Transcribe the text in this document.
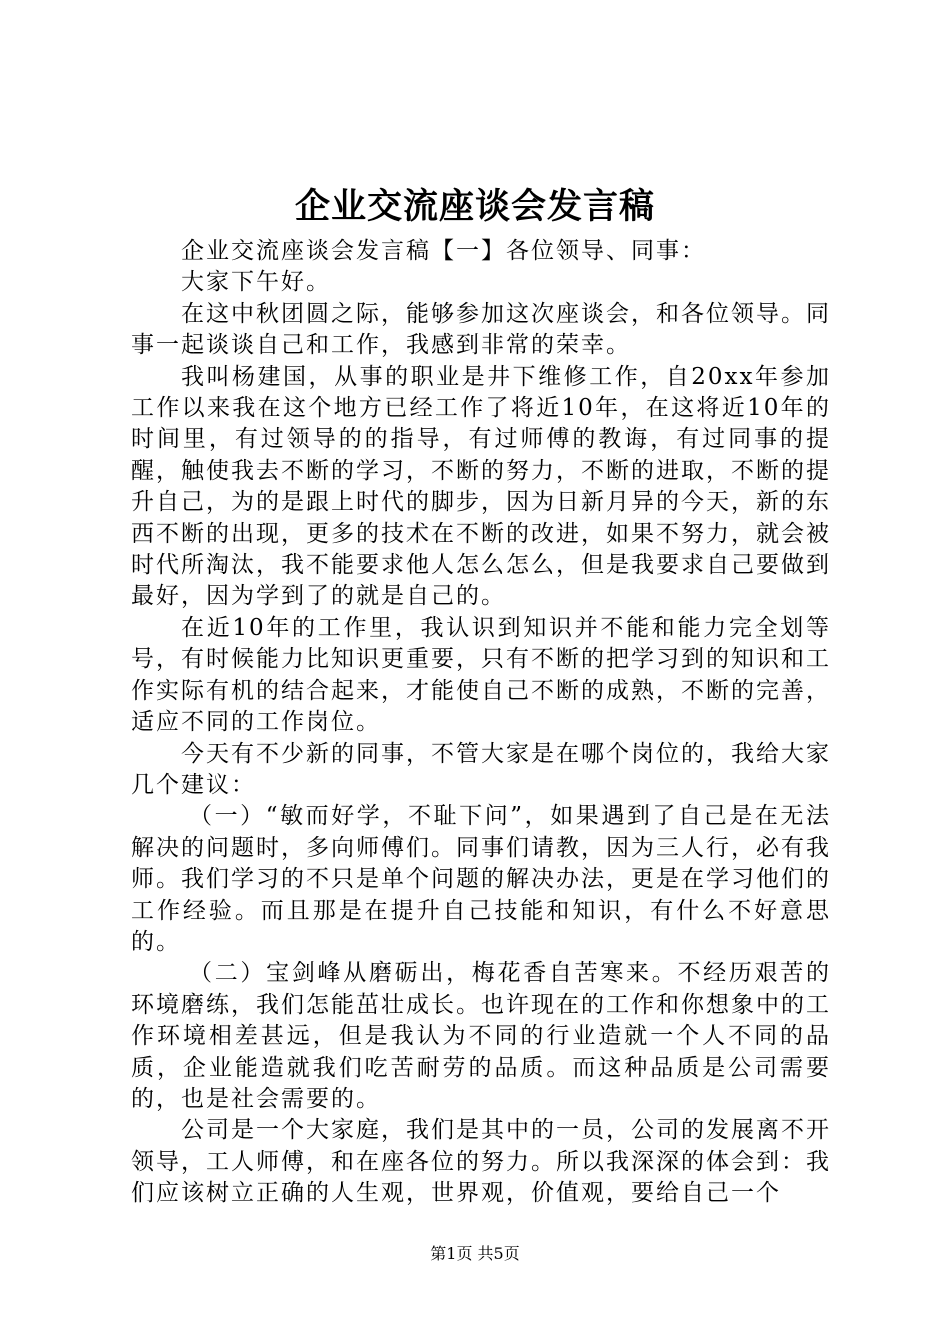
企业交流座谈会发言稿

企业交流座谈会发言稿【一】各位领导、同事：

大家下午好。

在这中秋团圆之际，能够参加这次座谈会，和各位领导。同事一起谈谈自己和工作，我感到非常的荣幸。

我叫杨建国，从事的职业是井下维修工作，自20xx年参加工作以来我在这个地方已经工作了将近10年，在这将近10年的时间里，有过领导的的指导，有过师傅的教诲，有过同事的提醒，触使我去不断的学习，不断的努力，不断的进取，不断的提升自己，为的是跟上时代的脚步，因为日新月异的今天，新的东西不断的出现，更多的技术在不断的改进，如果不努力，就会被时代所淘汰，我不能要求他人怎么怎么，但是我要求自己要做到最好，因为学到了的就是自己的。

在近10年的工作里，我认识到知识并不能和能力完全划等号，有时候能力比知识更重要，只有不断的把学习到的知识和工作实际有机的结合起来，才能使自己不断的成熟，不断的完善，适应不同的工作岗位。

今天有不少新的同事，不管大家是在哪个岗位的，我给大家几个建议：

（一）“敏而好学，不耻下问”，如果遇到了自己是在无法解决的问题时，多向师傅们。同事们请教，因为三人行，必有我师。我们学习的不只是单个问题的解决办法，更是在学习他们的工作经验。而且那是在提升自己技能和知识，有什么不好意思的。

（二）宝剑峰从磨砺出，梅花香自苦寒来。不经历艰苦的环境磨练，我们怎能茁壮成长。也许现在的工作和你想象中的工作环境相差甚远，但是我认为不同的行业造就一个人不同的品质，企业能造就我们吃苦耐劳的品质。而这种品质是公司需要的，也是社会需要的。

公司是一个大家庭，我们是其中的一员，公司的发展离不开领导，工人师傅，和在座各位的努力。所以我深深的体会到：我们应该树立正确的人生观，世界观，价值观，要给自己一个

第1页 共5页
